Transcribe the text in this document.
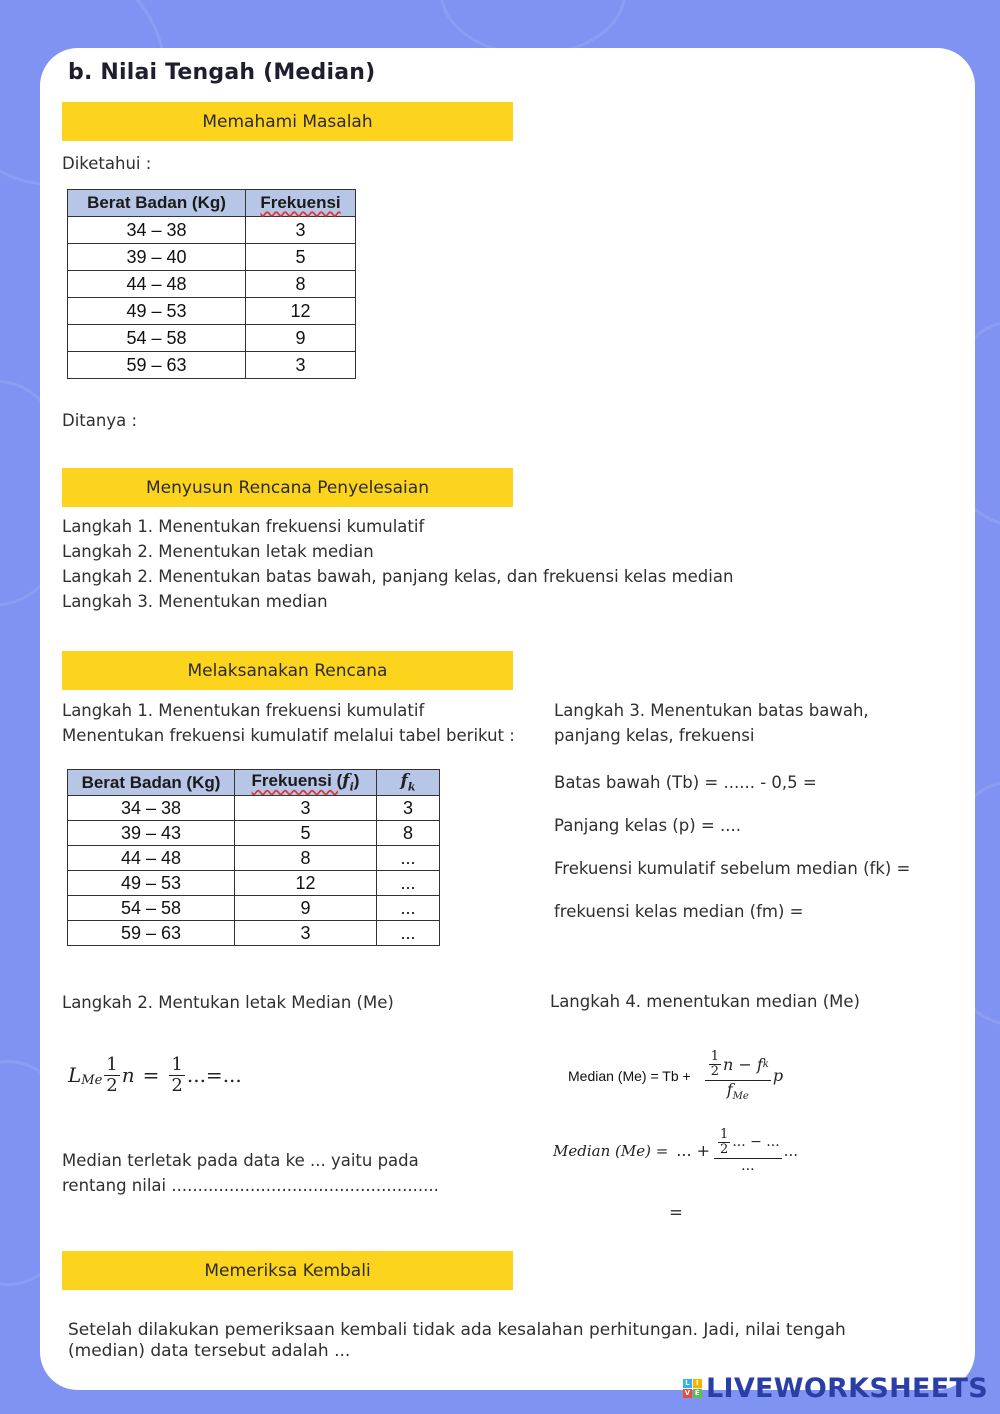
b. Nilai Tengah (Median)
Memahami Masalah
Diketahui :
Berat Badan (Kg)	Frekuensi
34 – 38	3
39 – 40	5
44 – 48	8
49 – 53	12
54 – 58	9
59 – 63	3
Ditanya :
Menyusun Rencana Penyelesaian
Langkah 1. Menentukan frekuensi kumulatif
Langkah 2. Menentukan letak median
Langkah 2. Menentukan batas bawah, panjang kelas, dan frekuensi kelas median
Langkah 3. Menentukan median
Melaksanakan Rencana
Langkah 1. Menentukan frekuensi kumulatif
Menentukan frekuensi kumulatif melalui tabel berikut :
Berat Badan (Kg)	Frekuensi $(f_i)$	$f_k$
34 – 38	3	3
39 – 43	5	8
44 – 48	8	...
49 – 53	12	...
54 – 58	9	...
59 – 63	3	...
Langkah 3. Menentukan batas bawah,
panjang kelas, frekuensi
Batas bawah (Tb) = ...... - 0,5 =
Panjang kelas (p) = ....
Frekuensi kumulatif sebelum median (fk) =
frekuensi kelas median (fm) =
Langkah 2. Mentukan letak Median (Me)	Langkah 4. menentukan median (Me)
$L_{Me} \frac{1}{2}$ $n = \frac{1}{2}$ ...=...	Median $(Me) = Tb + \frac{\frac{1}{2} n - f k}{f_{Me}}$ p
Median (Me) = ... + $\frac{\frac{1}{2} ... - ...}{...}$ ...
Median terletak pada data ke ... yaitu pada
rentang nilai ...................................................
=
Memeriksa Kembali
Setelah dilakukan pemeriksaan kembali tidak ada kesalahan perhitungan. Jadi, nilai tengah
(median) data tersebut adalah ...
L I
V E LIVEWORKSHEETS
